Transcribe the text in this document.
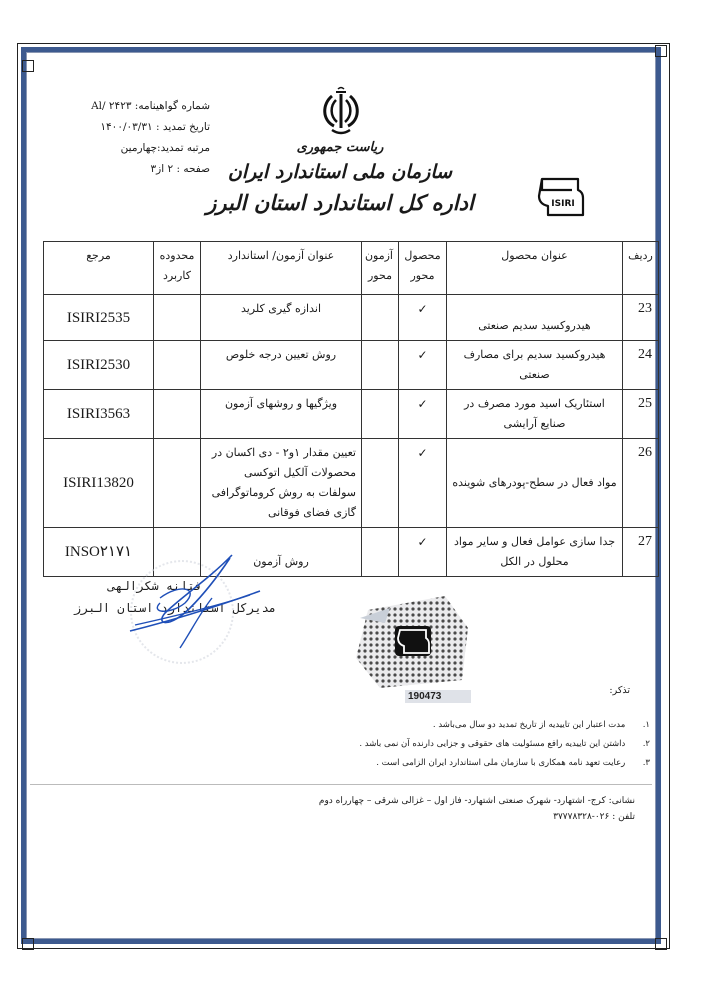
شماره گواهینامه: Al/ ۲۴۲۳
تاریخ تمدید : ۱۴۰۰/۰۳/۳۱
مرتبه تمدید:چهارمین
صفحه : ۲ از۳
ریاست جمهوری
سازمان ملی استاندارد ایران
اداره کل استاندارد استان البرز	ISIRI
ردیف	عنوان محصول	محصول محور	آزمون محور	عنوان آزمون/ استاندارد	محدوده کاربرد	مرجع
23	هیدروکسید سدیم صنعتی	✓		اندازه گیری کلرید		ISIRI2535
24	هیدروکسید سدیم برای مصارف صنعتی	✓		روش تعیین درجه خلوص		ISIRI2530
25	استئاریک اسید مورد مصرف در صنایع آرایشی	✓		ویژگیها و روشهای آزمون		ISIRI3563
26	مواد فعال در سطح-پودرهای شوینده	✓		تعیین مقدار ۱و۲ - دی اکسان در محصولات آلکیل اتوکسی سولفات به روش کروماتوگرافی گازی فضای فوقانی		ISIRI13820
27	جدا سازی عوامل فعال و سایر مواد محلول در الکل	✓		روش آزمون		INSO۲۱۷۱
فتانه شکرالهی
مدیرکل استاندارد استان البرز
190473
تذکر:
۱. مدت اعتبار این تاییدیه از تاریخ تمدید دو سال می‌باشد .
۲. داشتن این تاییدیه رافع مسئولیت های حقوقی و جزایی دارنده آن نمی باشد .
۳. رعایت تعهد نامه همکاری با سازمان ملی استاندارد ایران الزامی است .
نشانی: کرج- اشتهارد- شهرک صنعتی اشتهارد- فاز اول – غزالی شرقی – چهارراه دوم
تلفن : ۰۲۶-۳۷۷۷۸۳۲۸
